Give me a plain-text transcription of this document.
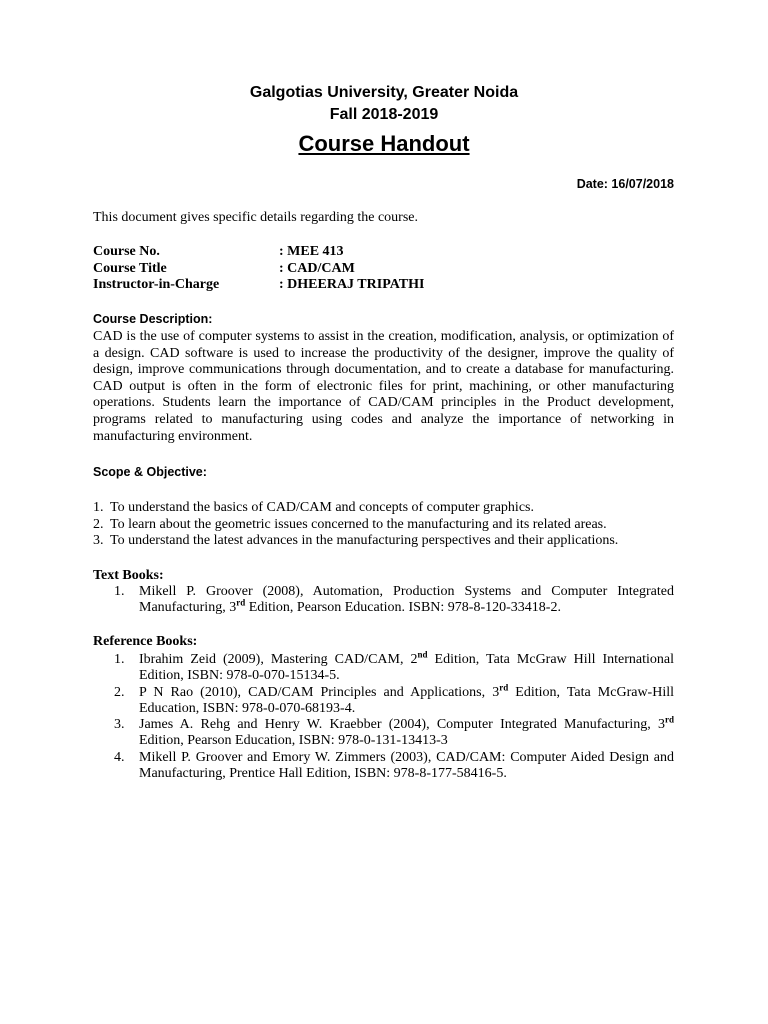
Galgotias University, Greater Noida
Fall 2018-2019
Course Handout
Date: 16/07/2018
This document gives specific details regarding the course.
Course No.	: MEE 413
Course Title	: CAD/CAM
Instructor-in-Charge	: DHEERAJ TRIPATHI
Course Description:
CAD is the use of computer systems to assist in the creation, modification, analysis, or optimization of a design. CAD software is used to increase the productivity of the designer, improve the quality of design, improve communications through documentation, and to create a database for manufacturing. CAD output is often in the form of electronic files for print, machining, or other manufacturing operations. Students learn the importance of CAD/CAM principles in the Product development, programs related to manufacturing using codes and analyze the importance of networking in manufacturing environment.
Scope & Objective:
1. To understand the basics of CAD/CAM and concepts of computer graphics.
2. To learn about the geometric issues concerned to the manufacturing and its related areas.
3. To understand the latest advances in the manufacturing perspectives and their applications.
Text Books:
1.	Mikell P. Groover (2008), Automation, Production Systems and Computer Integrated Manufacturing, 3rd Edition, Pearson Education. ISBN: 978-8-120-33418-2.
Reference Books:
1.	Ibrahim Zeid (2009), Mastering CAD/CAM, 2nd Edition, Tata McGraw Hill International Edition, ISBN: 978-0-070-15134-5.
2.	P N Rao (2010), CAD/CAM Principles and Applications, 3rd Edition, Tata McGraw-Hill Education, ISBN: 978-0-070-68193-4.
3.	James A. Rehg and Henry W. Kraebber (2004), Computer Integrated Manufacturing, 3rd Edition, Pearson Education, ISBN: 978-0-131-13413-3
4.	Mikell P. Groover and Emory W. Zimmers (2003), CAD/CAM: Computer Aided Design and Manufacturing, Prentice Hall Edition, ISBN: 978-8-177-58416-5.
